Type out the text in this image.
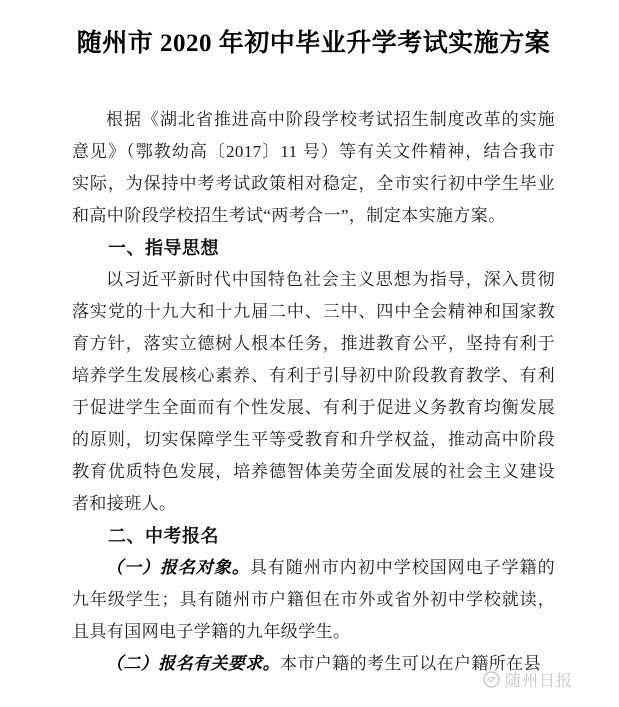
随州市 2020 年初中毕业升学考试实施方案

根据《湖北省推进高中阶段学校考试招生制度改革的实施意见》（鄂教幼高〔2017〕11 号）等有关文件精神，结合我市实际，为保持中考考试政策相对稳定，全市实行初中学生毕业和高中阶段学校招生考试“两考合一”，制定本实施方案。

一、指导思想

以习近平新时代中国特色社会主义思想为指导，深入贯彻落实党的十九大和十九届二中、三中、四中全会精神和国家教育方针，落实立德树人根本任务，推进教育公平，坚持有利于培养学生发展核心素养、有利于引导初中阶段教育教学、有利于促进学生全面而有个性发展、有利于促进义务教育均衡发展的原则，切实保障学生平等受教育和升学权益，推动高中阶段教育优质特色发展，培养德智体美劳全面发展的社会主义建设者和接班人。

二、中考报名

（一）报名对象。具有随州市内初中学校国网电子学籍的九年级学生；具有随州市户籍但在市外或省外初中学校就读，且具有国网电子学籍的九年级学生。

（二）报名有关要求。本市户籍的考生可以在户籍所在县

随州日报
